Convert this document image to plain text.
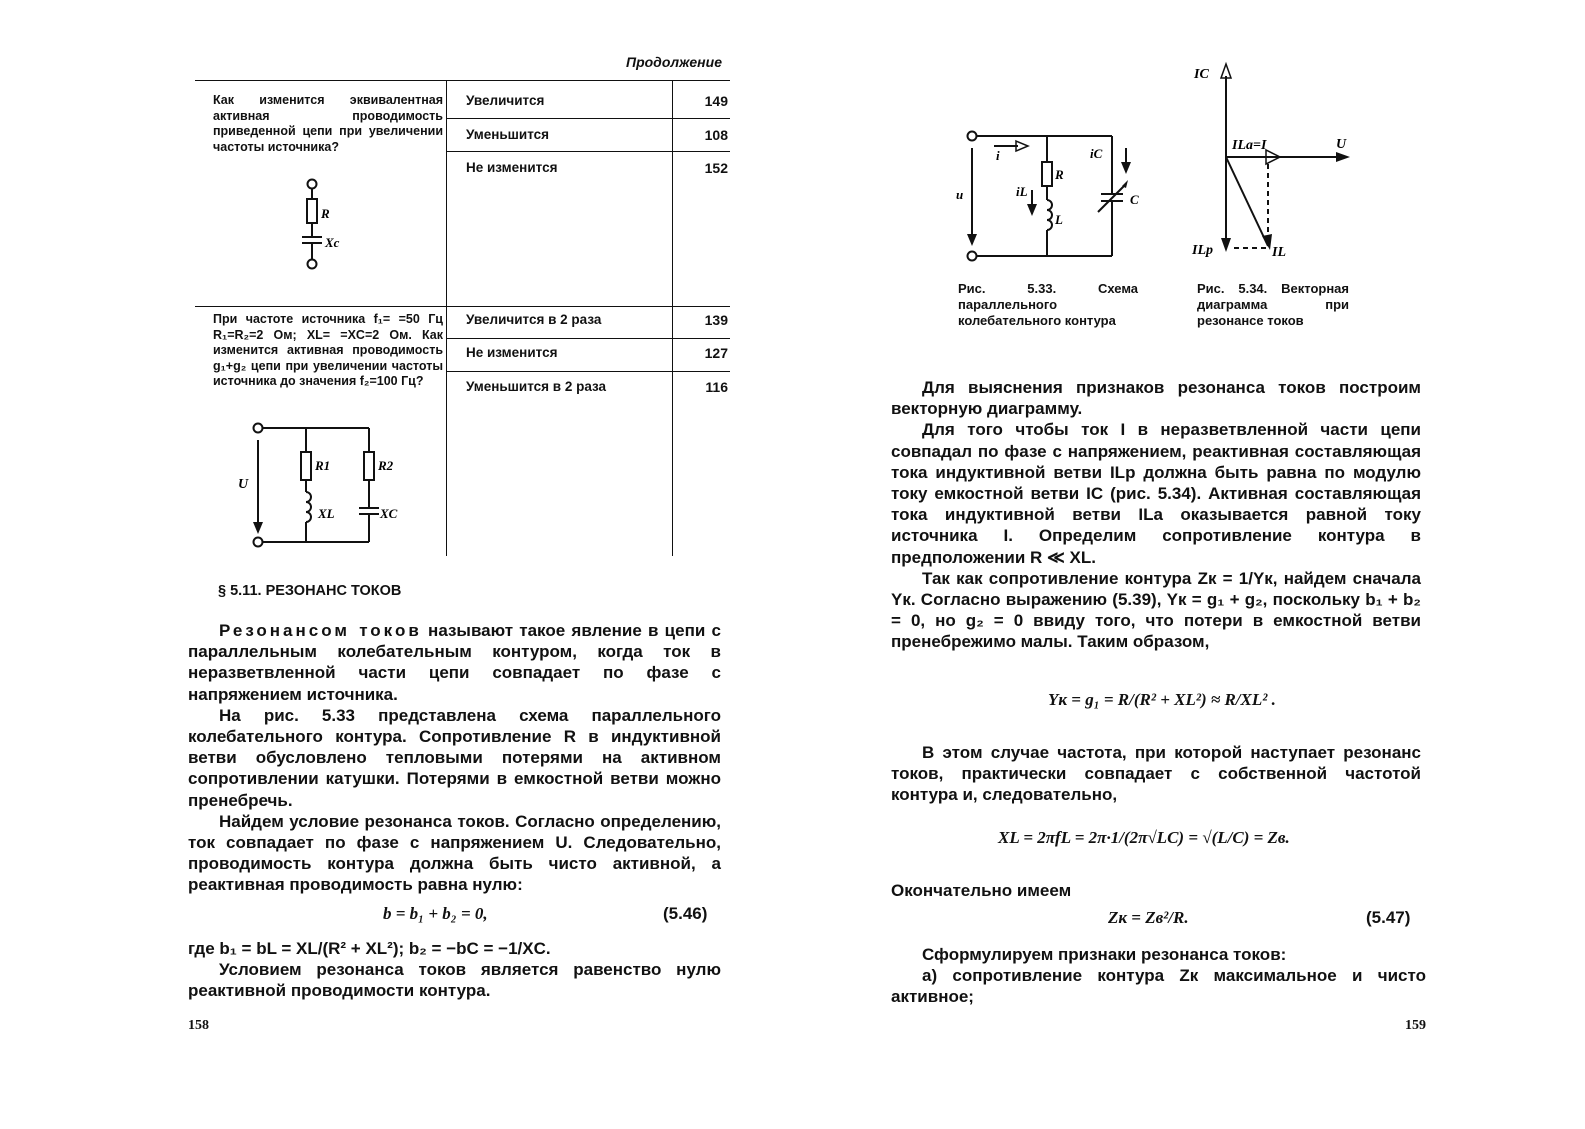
Продолжение
Как изменится эквивалентная активная проводимость приведенной цепи при увеличении частоты источника?
Увеличится	149
Уменьшится	108
Не изменится	152
R
Xc
При частоте источника f₁= =50 Гц R₁=R₂=2 Ом; XL= =XC=2 Ом. Как изменится активная проводимость g₁+g₂ цепи при увеличении частоты источника до значения f₂=100 Гц?
Увеличится в 2 раза	139
Не изменится	127
Уменьшится в 2 раза	116
U
R1	R2
XL	XC
§ 5.11. РЕЗОНАНС ТОКОВ

Резонансом токов называют такое явление в цепи с параллельным колебательным контуром, когда ток в неразветвленной части цепи совпадает по фазе с напряжением источника.

На рис. 5.33 представлена схема параллельного колебательного контура. Сопротивление R в индуктивной ветви обусловлено тепловыми потерями на активном сопротивлении катушки. Потерями в емкостной ветви можно пренебречь.

Найдем условие резонанса токов. Согласно определению, ток совпадает по фазе с напряжением U. Следовательно, проводимость контура должна быть чисто активной, а реактивная проводимость равна нулю:

b = b₁ + b₂ = 0,	(5.46)

где b₁ = bL = XL/(R² + XL²); b₂ = −bC = −1/XC.

Условием резонанса токов является равенство нулю реактивной проводимости контура.

158
u
i
iL
iC
R
L
C
Рис. 5.33. Схема параллельного колебательного контура
IC
ILa=I	U
ILp	IL
Рис. 5.34. Векторная диаграмма при резонансе токов

Для выяснения признаков резонанса токов построим векторную диаграмму.

Для того чтобы ток I в неразветвленной части цепи совпадал по фазе с напряжением, реактивная составляющая тока индуктивной ветви ILp должна быть равна по модулю току емкостной ветви IC (рис. 5.34). Активная составляющая тока индуктивной ветви ILa оказывается равной току источника I. Определим сопротивление контура в предположении R ≪ XL.

Так как сопротивление контура Zк = 1/Yк, найдем сначала Yк. Согласно выражению (5.39), Yк = g₁ + g₂, поскольку b₁ + b₂ = 0, но g₂ = 0 ввиду того, что потери в емкостной ветви пренебрежимо малы. Таким образом,

Yк = g₁ = R/(R² + XL²) ≈ R/XL² .

В этом случае частота, при которой наступает резонанс токов, практически совпадает с собственной частотой контура и, следовательно,

XL = 2πfL = 2π·1/(2π√LC) = √(L/C) = Zв.

Окончательно имеем

Zк = Zв²/R.	(5.47)

Сформулируем признаки резонанса токов:

а) сопротивление контура Zк максимальное и чисто активное;

159
